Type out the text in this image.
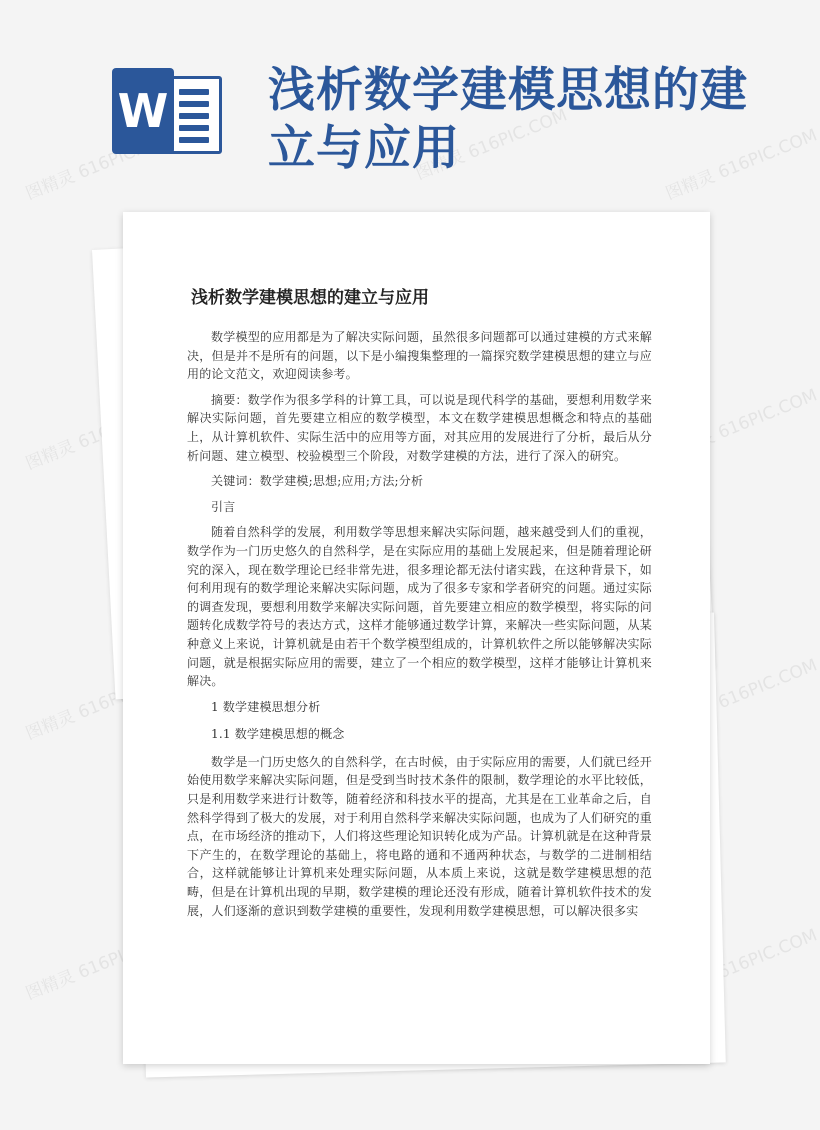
图精灵 616PIC.COM	图精灵 616PIC.COM	图精灵 616PIC.COM
图精灵	图精灵 616PIC.COM
图精灵 616PIC.COM	图精灵 616PIC.COM
图精灵 616PIC.COM	图精灵 616PIC.COM
W 浅析数学建模思想的建立与应用
浅析数学建模思想的建立与应用

数学模型的应用都是为了解决实际问题，虽然很多问题都可以通过建模的方式来解决，但是并不是所有的问题，以下是小编搜集整理的一篇探究数学建模思想的建立与应用的论文范文，欢迎阅读参考。

摘要：数学作为很多学科的计算工具，可以说是现代科学的基础，要想利用数学来解决实际问题，首先要建立相应的数学模型，本文在数学建模思想概念和特点的基础上，从计算机软件、实际生活中的应用等方面，对其应用的发展进行了分析，最后从分析问题、建立模型、校验模型三个阶段，对数学建模的方法，进行了深入的研究。

关键词：数学建模;思想;应用;方法;分析

引言

随着自然科学的发展，利用数学等思想来解决实际问题，越来越受到人们的重视，数学作为一门历史悠久的自然科学，是在实际应用的基础上发展起来，但是随着理论研究的深入，现在数学理论已经非常先进，很多理论都无法付诸实践，在这种背景下，如何利用现有的数学理论来解决实际问题，成为了很多专家和学者研究的问题。通过实际的调查发现，要想利用数学来解决实际问题，首先要建立相应的数学模型，将实际的问题转化成数学符号的表达方式，这样才能够通过数学计算，来解决一些实际问题，从某种意义上来说，计算机就是由若干个数学模型组成的，计算机软件之所以能够解决实际问题，就是根据实际应用的需要，建立了一个相应的数学模型，这样才能够让计算机来解决。

1 数学建模思想分析

1.1 数学建模思想的概念

数学是一门历史悠久的自然科学，在古时候，由于实际应用的需要，人们就已经开始使用数学来解决实际问题，但是受到当时技术条件的限制，数学理论的水平比较低，只是利用数学来进行计数等，随着经济和科技水平的提高，尤其是在工业革命之后，自然科学得到了极大的发展，对于利用自然科学来解决实际问题，也成为了人们研究的重点，在市场经济的推动下，人们将这些理论知识转化成为产品。计算机就是在这种背景下产生的，在数学理论的基础上，将电路的通和不通两种状态，与数学的二进制相结合，这样就能够让计算机来处理实际问题，从本质上来说，这就是数学建模思想的范畴，但是在计算机出现的早期，数学建模的理论还没有形成，随着计算机软件技术的发展，人们逐渐的意识到数学建模的重要性，发现利用数学建模思想，可以解决很多实
